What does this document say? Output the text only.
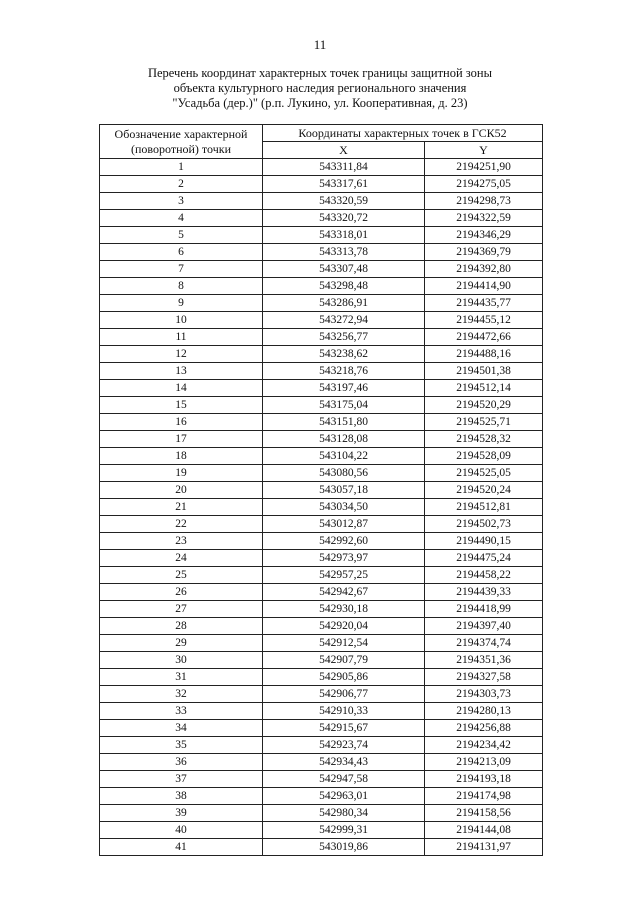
11
Перечень координат характерных точек границы защитной зоны
объекта культурного наследия регионального значения
"Усадьба (дер.)" (р.п. Лукино, ул. Кооперативная, д. 23)
Обозначение характерной
(поворотной) точки	Координаты характерных точек в ГСК52	
	X	Y
1	543311,84	2194251,90
2	543317,61	2194275,05
3	543320,59	2194298,73
4	543320,72	2194322,59
5	543318,01	2194346,29
6	543313,78	2194369,79
7	543307,48	2194392,80
8	543298,48	2194414,90
9	543286,91	2194435,77
10	543272,94	2194455,12
11	543256,77	2194472,66
12	543238,62	2194488,16
13	543218,76	2194501,38
14	543197,46	2194512,14
15	543175,04	2194520,29
16	543151,80	2194525,71
17	543128,08	2194528,32
18	543104,22	2194528,09
19	543080,56	2194525,05
20	543057,18	2194520,24
21	543034,50	2194512,81
22	543012,87	2194502,73
23	542992,60	2194490,15
24	542973,97	2194475,24
25	542957,25	2194458,22
26	542942,67	2194439,33
27	542930,18	2194418,99
28	542920,04	2194397,40
29	542912,54	2194374,74
30	542907,79	2194351,36
31	542905,86	2194327,58
32	542906,77	2194303,73
33	542910,33	2194280,13
34	542915,67	2194256,88
35	542923,74	2194234,42
36	542934,43	2194213,09
37	542947,58	2194193,18
38	542963,01	2194174,98
39	542980,34	2194158,56
40	542999,31	2194144,08
41	543019,86	2194131,97
